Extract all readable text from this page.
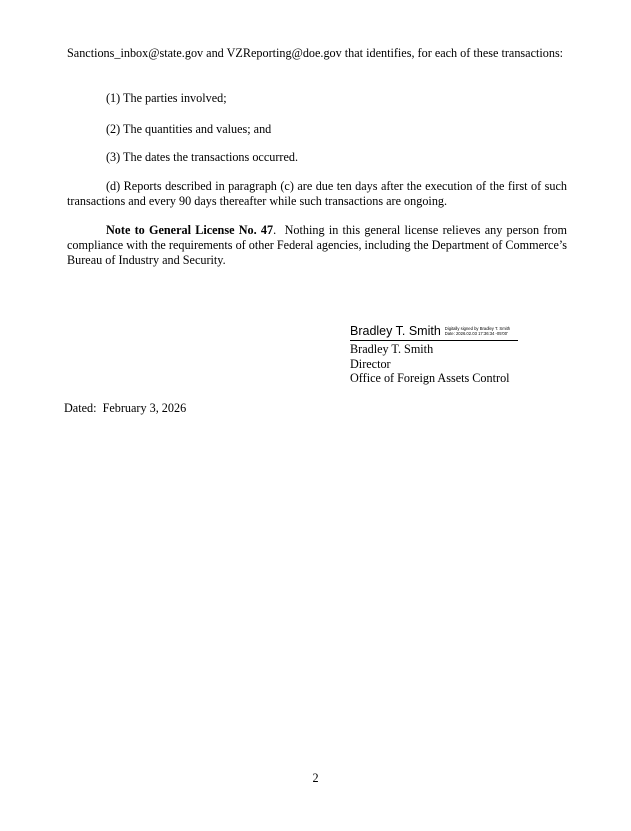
Sanctions_inbox@state.gov and VZReporting@doe.gov that identifies, for each of these transactions:

(1) The parties involved;

(2) The quantities and values; and

(3) The dates the transactions occurred.

(d) Reports described in paragraph (c) are due ten days after the execution of the first of such transactions and every 90 days thereafter while such transactions are ongoing.

Note to General License No. 47.  Nothing in this general license relieves any person from compliance with the requirements of other Federal agencies, including the Department of Commerce’s Bureau of Industry and Security.

Bradley T. Smith Digitally signed by Bradley T. Smith
Date: 2026.02.03 17:36:34 -05'00'
Bradley T. Smith
Director
Office of Foreign Assets Control
Dated:  February 3, 2026
2
